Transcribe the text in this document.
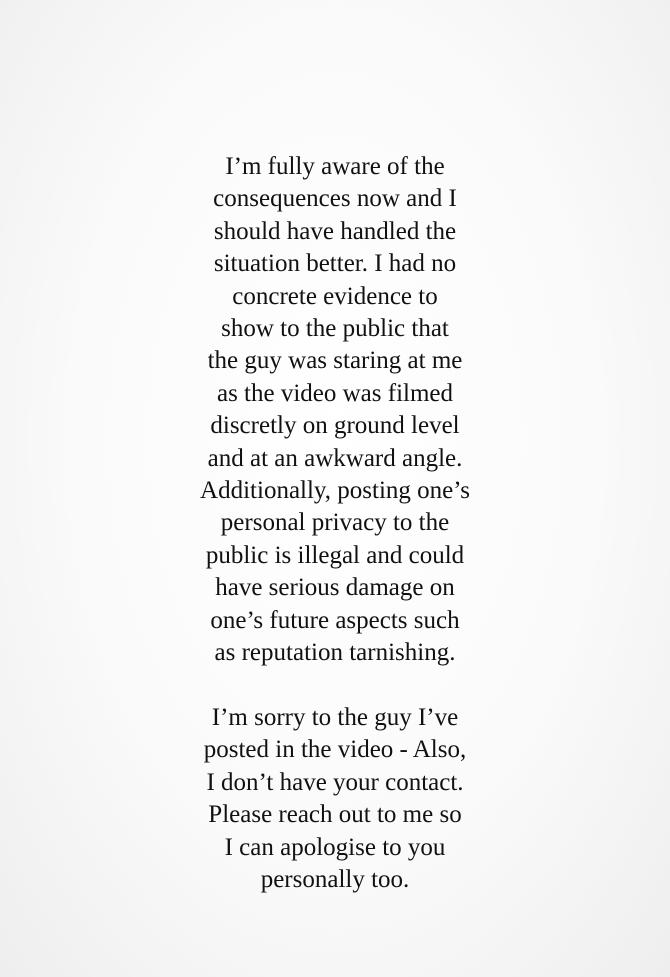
I’m fully aware of the
consequences now and I
should have handled the
situation better. I had no
concrete evidence to
show to the public that
the guy was staring at me
as the video was filmed
discretly on ground level
and at an awkward angle.
Additionally, posting one’s
personal privacy to the
public is illegal and could
have serious damage on
one’s future aspects such
as reputation tarnishing.

I’m sorry to the guy I’ve
posted in the video - Also,
I don’t have your contact.
Please reach out to me so
I can apologise to you
personally too.
